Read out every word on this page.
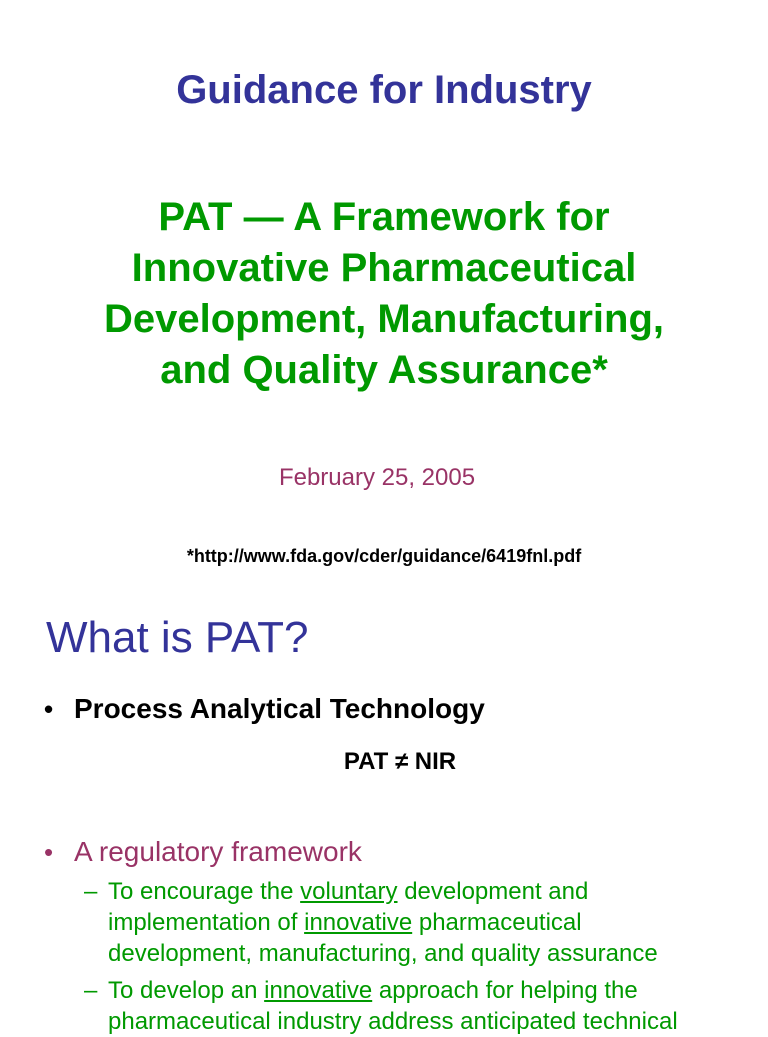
Guidance for Industry
PAT — A Framework for
Innovative Pharmaceutical
Development, Manufacturing,
and Quality Assurance*
February 25, 2005
*http://www.fda.gov/cder/guidance/6419fnl.pdf
What is PAT?
• Process Analytical Technology
PAT ≠ NIR
• A regulatory framework
– To encourage the voluntary development and
implementation of innovative pharmaceutical
development, manufacturing, and quality assurance
– To develop an innovative approach for helping the
pharmaceutical industry address anticipated technical
